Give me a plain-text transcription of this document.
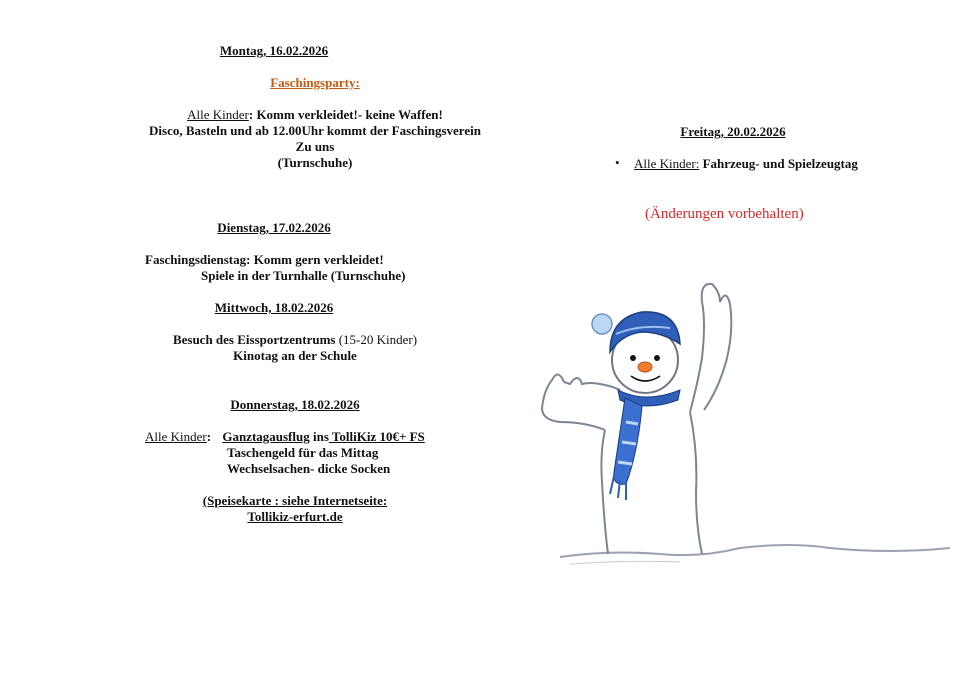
Montag, 16.02.2026
Faschingsparty:
Alle Kinder: Komm verkleidet!- keine Waffen!
Disco, Basteln und ab 12.00Uhr kommt der Faschingsverein
Zu uns
(Turnschuhe)
Dienstag, 17.02.2026
Faschingsdienstag: Komm gern verkleidet!
Spiele in der Turnhalle (Turnschuhe)
Mittwoch, 18.02.2026
Besuch des Eissportzentrums (15-20 Kinder)
Kinotag an der Schule
Donnerstag, 18.02.2026
Alle Kinder: Ganztagausflug ins TolliKiz 10€+ FS
Taschengeld für das Mittag
Wechselsachen- dicke Socken
(Speisekarte : siehe Internetseite:
Tollikiz-erfurt.de
Freitag, 20.02.2026
• Alle Kinder: Fahrzeug- und Spielzeugtag
(Änderungen vorbehalten)
